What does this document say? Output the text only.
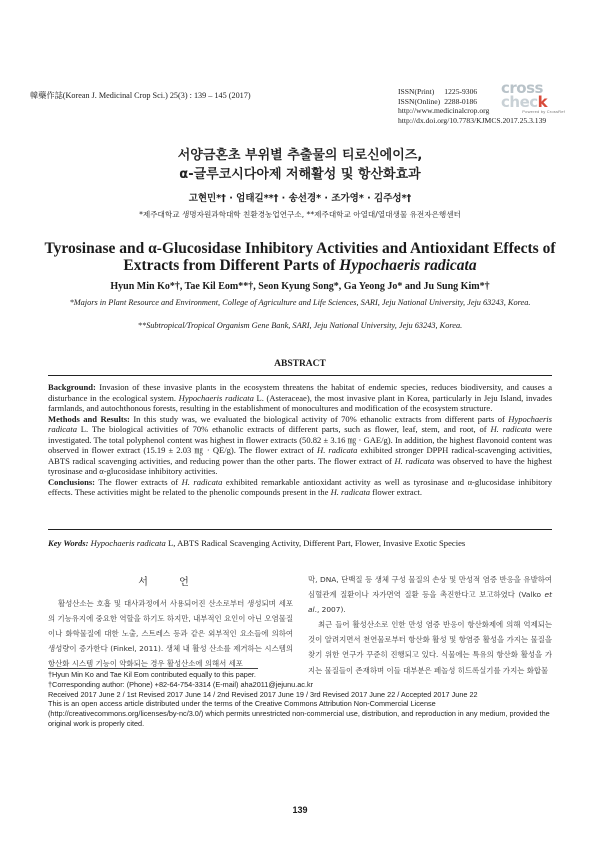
韓藥作誌(Korean J. Medicinal Crop Sci.) 25(3) : 139 – 145 (2017)	ISSN(Print) 1225-9306
ISSN(Online) 2288-0186
http://www.medicinalcrop.org
http://dx.doi.org/10.7783/KJMCS.2017.25.3.139
cross
check
Powered by CrossRef
서양금혼초 부위별 추출물의 티로신에이즈,
α-글루코시다아제 저해활성 및 항산화효과
고현민*† · 엄태길**† · 송선경* · 조가영* · 김주성*†
*제주대학교 생명자원과학대학 친환경농업연구소, **제주대학교 아열대/열대생물 유전자은행센터
Tyrosinase and α-Glucosidase Inhibitory Activities and Antioxidant Effects of
Extracts from Different Parts of Hypochaeris radicata
Hyun Min Ko*†, Tae Kil Eom**†, Seon Kyung Song*, Ga Yeong Jo* and Ju Sung Kim*†
*Majors in Plant Resource and Environment, College of Agriculture and Life Sciences, SARI, Jeju National University, Jeju 63243, Korea.
**Subtropical/Tropical Organism Gene Bank, SARI, Jeju National University, Jeju 63243, Korea.
ABSTRACT

Background: Invasion of these invasive plants in the ecosystem threatens the habitat of endemic species, reduces biodiversity, and causes a disturbance in the ecological system. Hypochaeris radicata L. (Asteraceae), the most invasive plant in Korea, particularly in Jeju Island, invades farmlands, and autochthonous forests, resulting in the establishment of monocultures and modification of the ecosystem structure.

Methods and Results: In this study was, we evaluated the biological activity of 70% ethanolic extracts from different parts of Hypochaeris radicata L. The biological activities of 70% ethanolic extracts of different parts, such as flower, leaf, stem, and root, of H. radicata were investigated. The total polyphenol content was highest in flower extracts (50.82 ± 3.16 ㎎ · GAE/g). In addition, the highest flavonoid content was observed in flower extract (15.19 ± 2.03 ㎎ · QE/g). The flower extract of H. radicata exhibited stronger DPPH radical-scavenging activities, ABTS radical scavenging activities, and reducing power than the other parts. The flower extract of H. radicata was observed to have the highest tyrosinase and α-glucosidase inhibitory activities.

Conclusions: The flower extracts of H. radicata exhibited remarkable antioxidant activity as well as tyrosinase and α-glucosidase inhibitory effects. These activities might be related to the phenolic compounds present in the H. radicata flower extract.

Key Words: Hypochaeris radicata L, ABTS Radical Scavenging Activity, Different Part, Flower, Invasive Exotic Species
서 언
활성산소는 호흡 및 대사과정에서 사용되어진 산소로부터 생성되며 세포의 기능유지에 중요한 역할을 하기도 하지만, 내부적인 요인이 아닌 오염물질이나 화학물질에 대한 노출, 스트레스 등과 같은 외부적인 요소들에 의하여 생성량이 증가한다 (Finkel, 2011). 생체 내 활성 산소를 제거하는 시스템의 항산화 시스템 기능이 약화되는 경우 활성산소에 의해서 세포

막, DNA, 단백질 등 생체 구성 물질의 손상 및 만성적 염증 반응을 유발하여 심혈관계 질환이나 자가면역 질환 등을 촉진한다고 보고하였다 (Valko et al., 2007).

최근 들어 활성산소로 인한 만성 염증 반응이 항산화제에 의해 억제되는 것이 알려지면서 천연물로부터 항산화 활성 및 항염증 활성을 가지는 물질을 찾기 위한 연구가 꾸준히 진행되고 있다. 식물에는 특유의 항산화 활성을 가지는 물질들이 존재하며 이들 대부분은 페놀성 히드록실기를 가지는 화합물

†Hyun Min Ko and Tae Kil Eom contributed equally to this paper.
†Corresponding author: (Phone) +82-64-754-3314 (E-mail) aha2011@jejunu.ac.kr
Received 2017 June 2 / 1st Revised 2017 June 14 / 2nd Revised 2017 June 19 / 3rd Revised 2017 June 22 / Accepted 2017 June 22
This is an open access article distributed under the terms of the Creative Commons Attribution Non-Commercial License (http://creativecommons.org/licenses/by-nc/3.0/) which permits unrestricted non-commercial use, distribution, and reproduction in any medium, provided the original work is properly cited.
139
